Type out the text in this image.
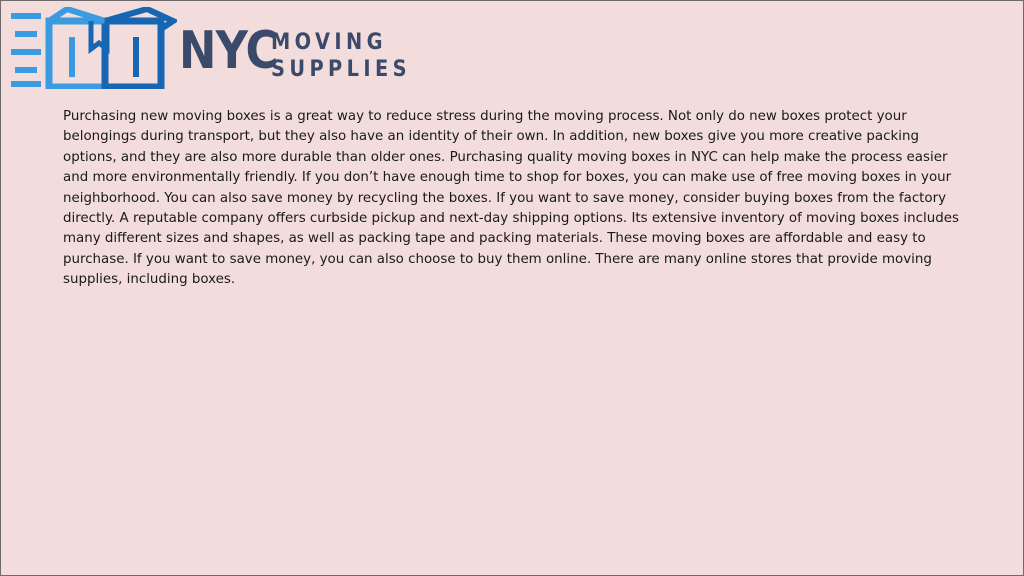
NYC
MOVING
SUPPLIES

Purchasing new moving boxes is a great way to reduce stress during the moving process. Not only do new boxes protect your belongings during transport, but they also have an identity of their own. In addition, new boxes give you more creative packing options, and they are also more durable than older ones. Purchasing quality moving boxes in NYC can help make the process easier and more environmentally friendly. If you don’t have enough time to shop for boxes, you can make use of free moving boxes in your neighborhood. You can also save money by recycling the boxes. If you want to save money, consider buying boxes from the factory directly. A reputable company offers curbside pickup and next-day shipping options. Its extensive inventory of moving boxes includes many different sizes and shapes, as well as packing tape and packing materials. These moving boxes are affordable and easy to purchase. If you want to save money, you can also choose to buy them online. There are many online stores that provide moving supplies, including boxes.
